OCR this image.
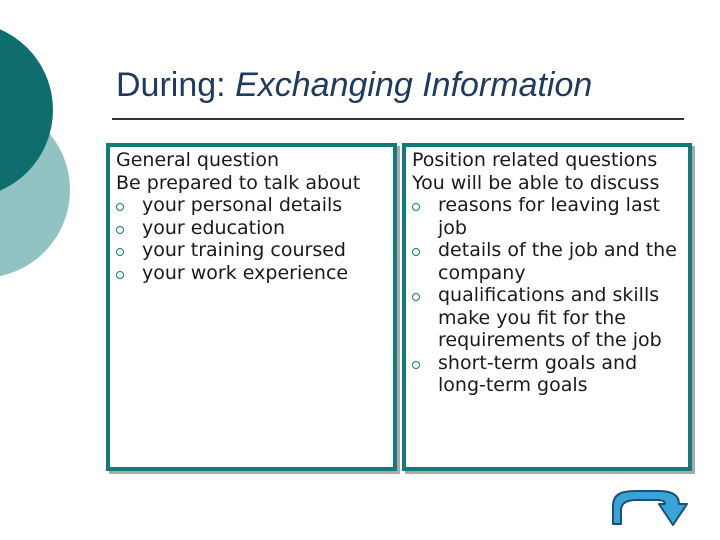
During: Exchanging Information
General question
Be prepared to talk about
your personal details
your education
your training coursed
your work experience
Position related questions
You will be able to discuss
reasons for leaving last job
details of the job and the company
qualifications and skills make you fit for the requirements of the job
short-term goals and long-term goals
